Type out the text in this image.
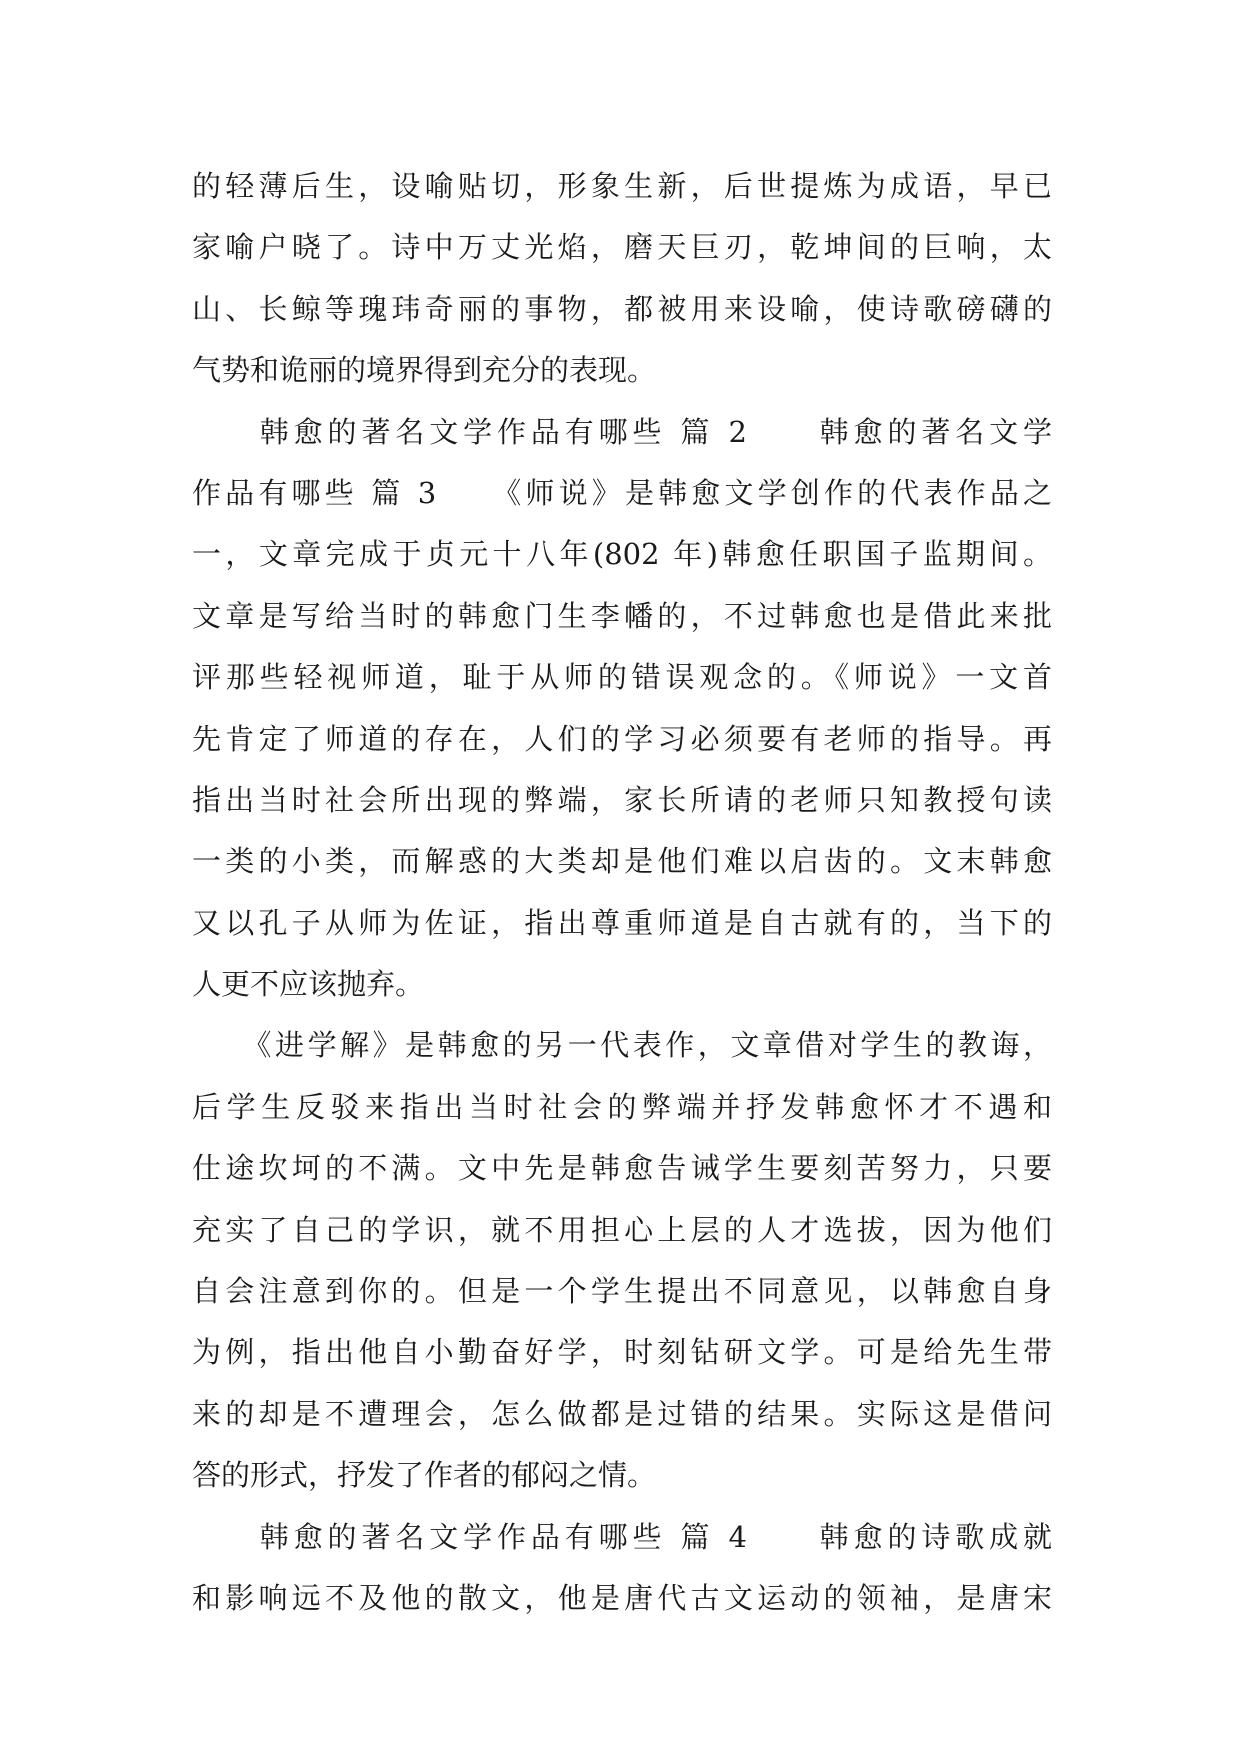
的轻薄后生，设喻贴切，形象生新，后世提炼为成语，早已
家喻户晓了。诗中万丈光焰，磨天巨刃，乾坤间的巨响，太
山、长鲸等瑰玮奇丽的事物，都被用来设喻，使诗歌磅礴的
气势和诡丽的境界得到充分的表现。
　　韩愈的著名文学作品有哪些 篇 2　　韩愈的著名文学
作品有哪些 篇 3　　《师说》是韩愈文学创作的代表作品之
一，文章完成于贞元十八年(802 年)韩愈任职国子监期间。
文章是写给当时的韩愈门生李幡的，不过韩愈也是借此来批
评那些轻视师道，耻于从师的错误观念的。《师说》一文首
先肯定了师道的存在，人们的学习必须要有老师的指导。再
指出当时社会所出现的弊端，家长所请的老师只知教授句读
一类的小类，而解惑的大类却是他们难以启齿的。文末韩愈
又以孔子从师为佐证，指出尊重师道是自古就有的，当下的
人更不应该抛弃。
　　《进学解》是韩愈的另一代表作，文章借对学生的教诲，
后学生反驳来指出当时社会的弊端并抒发韩愈怀才不遇和
仕途坎坷的不满。文中先是韩愈告诫学生要刻苦努力，只要
充实了自己的学识，就不用担心上层的人才选拔，因为他们
自会注意到你的。但是一个学生提出不同意见，以韩愈自身
为例，指出他自小勤奋好学，时刻钻研文学。可是给先生带
来的却是不遭理会，怎么做都是过错的结果。实际这是借问
答的形式，抒发了作者的郁闷之情。
　　韩愈的著名文学作品有哪些 篇 4　　韩愈的诗歌成就
和影响远不及他的散文，他是唐代古文运动的领袖，是唐宋
